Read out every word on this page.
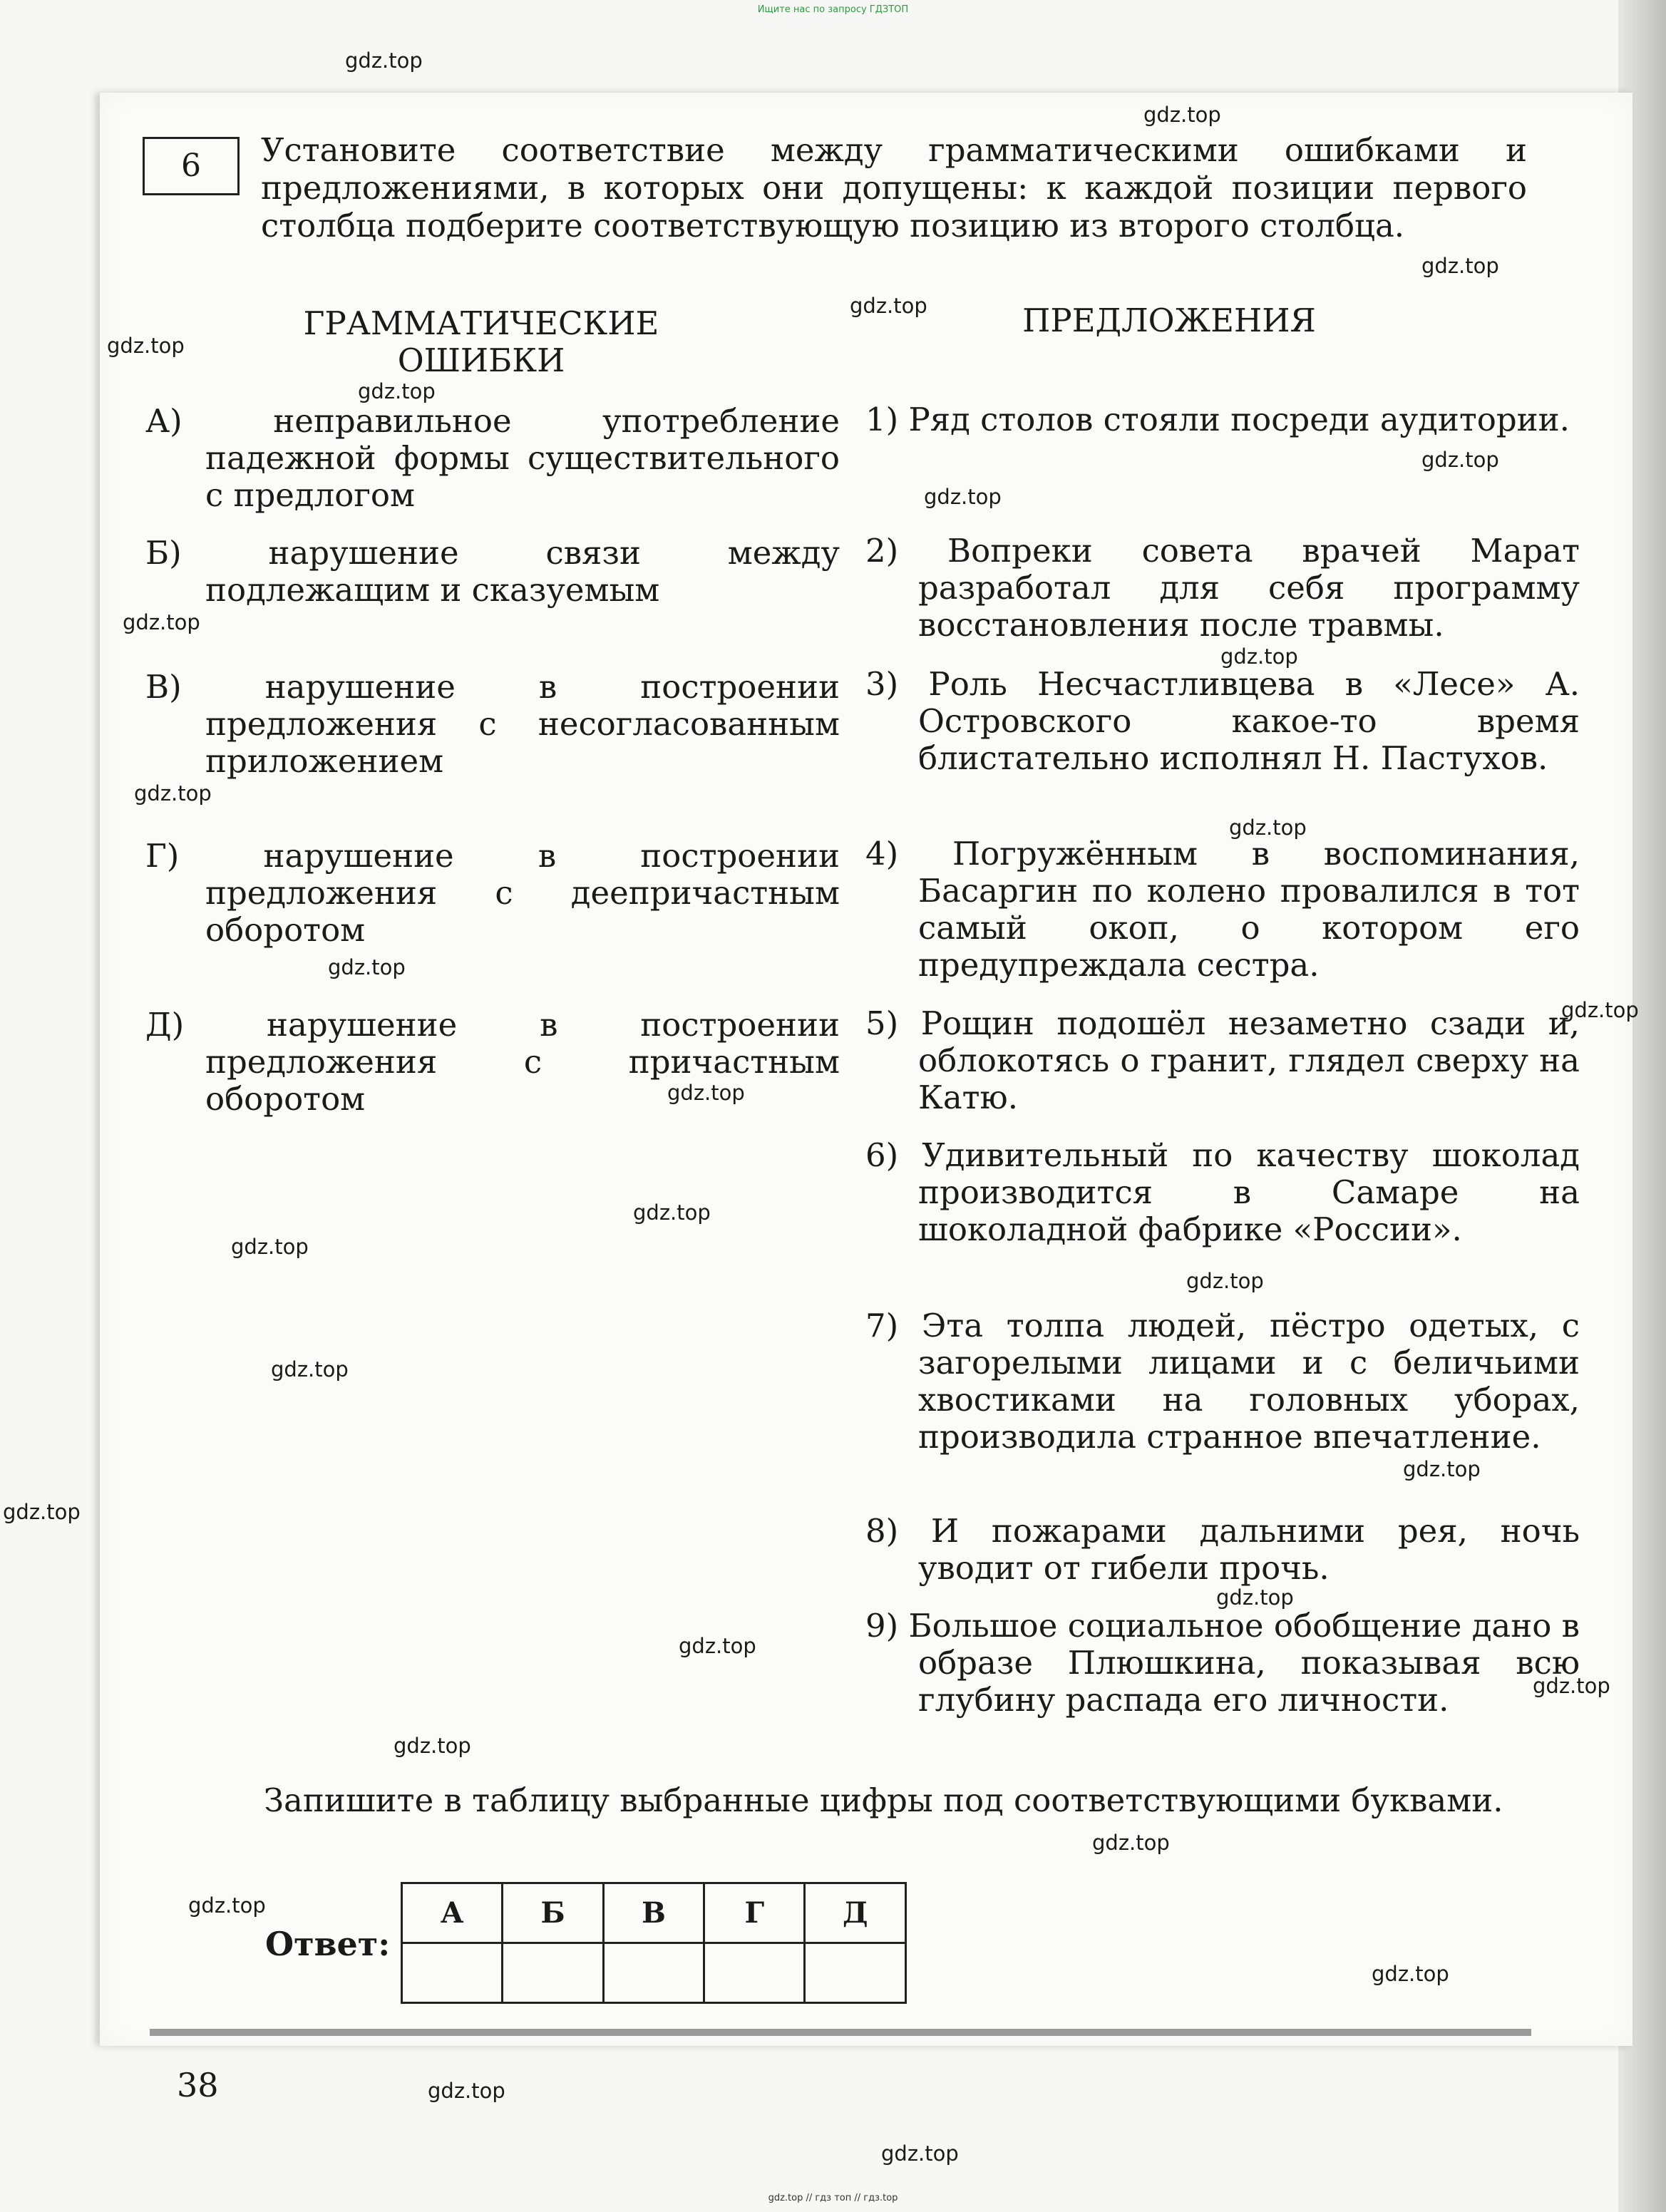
Ищите нас по запросу ГДЗТОП
6	Установите соответствие между грамматическими ошибками и предложениями, в которых они допущены: к каждой позиции первого столбца подберите соответствующую позицию из второго столбца.
ГРАММАТИЧЕСКИЕ ОШИБКИ
ПРЕДЛОЖЕНИЯ
А)	неправильное употребление падежной формы существительного с предлогом
Б)	нарушение связи между подлежащим и сказуемым
В)	нарушение в построении предложения с несогласованным приложением
Г)	нарушение в построении предложения с деепричастным оборотом
Д)	нарушение в построении предложения с причастным оборотом
1) Ряд столов стояли посреди аудитории.
2) Вопреки совета врачей Марат разработал для себя программу восстановления после травмы.
3) Роль Несчастливцева в «Лесе» А. Островского какое-то время блистательно исполнял Н. Пастухов.
4) Погружённым в воспоминания, Басаргин по колено провалился в тот самый окоп, о котором его предупреждала сестра.
5) Рощин подошёл незаметно сзади и, облокотясь о гранит, глядел сверху на Катю.
6) Удивительный по качеству шоколад производится в Самаре на шоколадной фабрике «России».
7) Эта толпа людей, пёстро одетых, с загорелыми лицами и с беличьими хвостиками на головных уборах, производила странное впечатление.
8) И пожарами дальними рея, ночь уводит от гибели прочь.
9) Большое социальное обобщение дано в образе Плюшкина, показывая всю глубину распада его личности.
Запишите в таблицу выбранные цифры под соответствующими буквами.
Ответ:
А	Б	В	Г	Д

38
gdz.top
gdz.top
gdz.top
gdz.top
gdz.top
gdz.top
gdz.top
gdz.top
gdz.top
gdz.top
gdz.top
gdz.top
gdz.top
gdz.top
gdz.top
gdz.top
gdz.top
gdz.top
gdz.top
gdz.top
gdz.top
gdz.top
gdz.top
gdz.top
gdz.top
gdz.top
gdz.top
gdz.top
gdz.top
gdz.top
gdz.top // гдз топ // гдз.top
